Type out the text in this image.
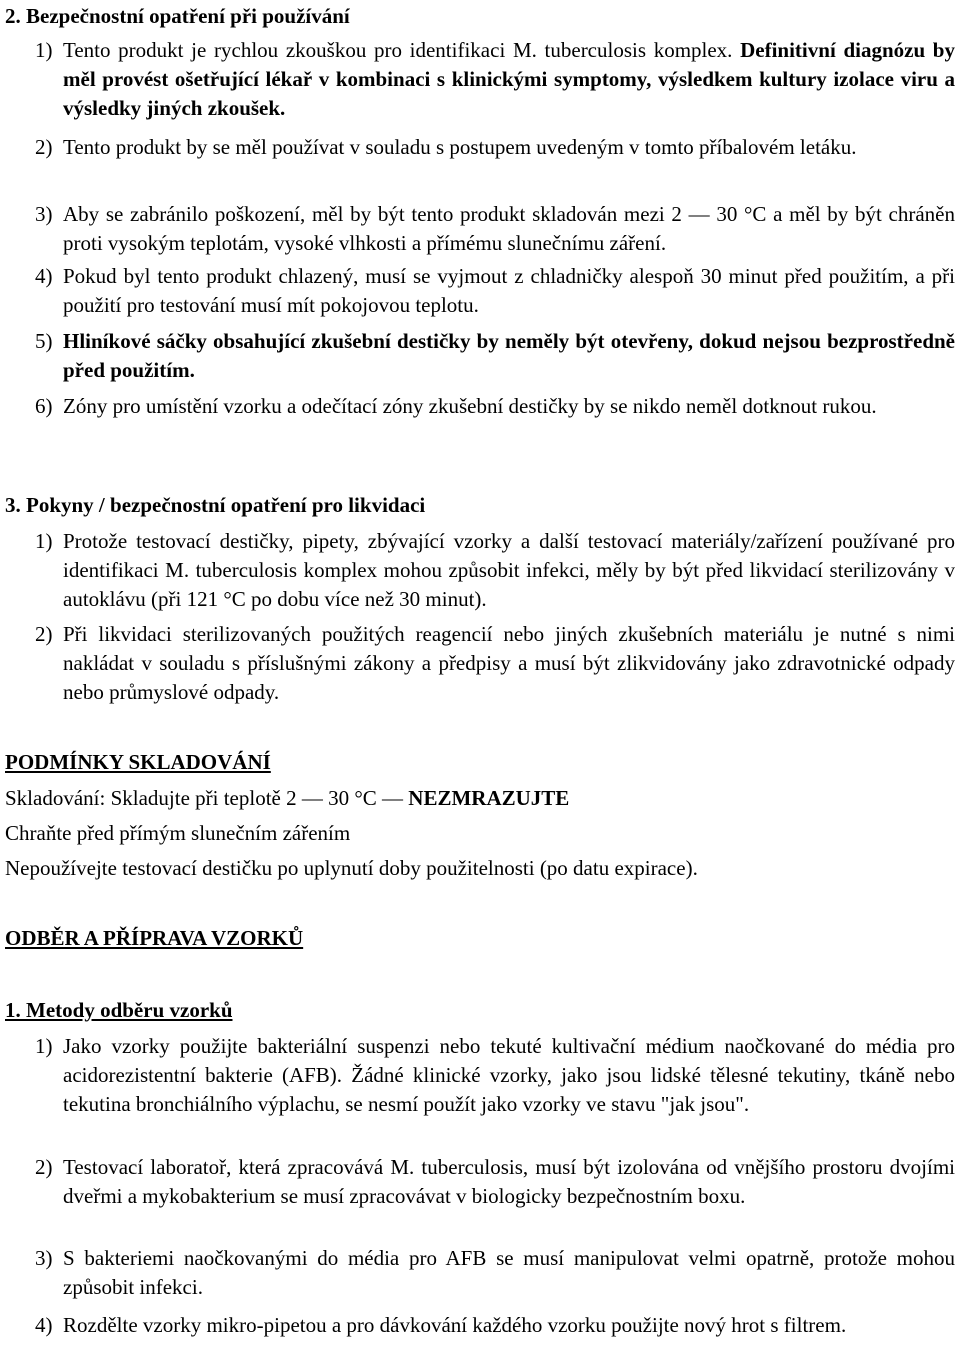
2. Bezpečnostní opatření při používání

1) Tento produkt je rychlou zkouškou pro identifikaci M. tuberculosis komplex. Definitivní diagnózu by měl provést ošetřující lékař v kombinaci s klinickými symptomy, výsledkem kultury izolace viru a výsledky jiných zkoušek.
2) Tento produkt by se měl používat v souladu s postupem uvedeným v tomto příbalovém letáku.
3) Aby se zabránilo poškození, měl by být tento produkt skladován mezi 2 — 30 °C a měl by být chráněn proti vysokým teplotám, vysoké vlhkosti a přímému slunečnímu záření.
4) Pokud byl tento produkt chlazený, musí se vyjmout z chladničky alespoň 30 minut před použitím, a při použití pro testování musí mít pokojovou teplotu.
5) Hliníkové sáčky obsahující zkušební destičky by neměly být otevřeny, dokud nejsou bezprostředně před použitím.
6) Zóny pro umístění vzorku a odečítací zóny zkušební destičky by se nikdo neměl dotknout rukou.

3. Pokyny / bezpečnostní opatření pro likvidaci

1) Protože testovací destičky, pipety, zbývající vzorky a další testovací materiály/zařízení používané pro identifikaci M. tuberculosis komplex mohou způsobit infekci, měly by být před likvidací sterilizovány v autoklávu (při 121 °C po dobu více než 30 minut).
2) Při likvidaci sterilizovaných použitých reagencií nebo jiných zkušebních materiálu je nutné s nimi nakládat v souladu s příslušnými zákony a předpisy a musí být zlikvidovány jako zdravotnické odpady nebo průmyslové odpady.
PODMÍNKY SKLADOVÁNÍ
Skladování: Skladujte při teplotě 2 — 30 °C — NEZMRAZUJTE
Chraňte před přímým slunečním zářením
Nepoužívejte testovací destičku po uplynutí doby použitelnosti (po datu expirace).
ODBĚR A PŘÍPRAVA VZORKŮ
1. Metody odběru vzorků
1) Jako vzorky použijte bakteriální suspenzi nebo tekuté kultivační médium naočkované do média pro acidorezistentní bakterie (AFB). Žádné klinické vzorky, jako jsou lidské tělesné tekutiny, tkáně nebo tekutina bronchiálního výplachu, se nesmí použít jako vzorky ve stavu "jak jsou".
2) Testovací laboratoř, která zpracovává M. tuberculosis, musí být izolována od vnějšího prostoru dvojími dveřmi a mykobakterium se musí zpracovávat v biologicky bezpečnostním boxu.
3) S bakteriemi naočkovanými do média pro AFB se musí manipulovat velmi opatrně, protože mohou způsobit infekci.
4) Rozdělte vzorky mikro-pipetou a pro dávkování každého vzorku použijte nový hrot s filtrem.
